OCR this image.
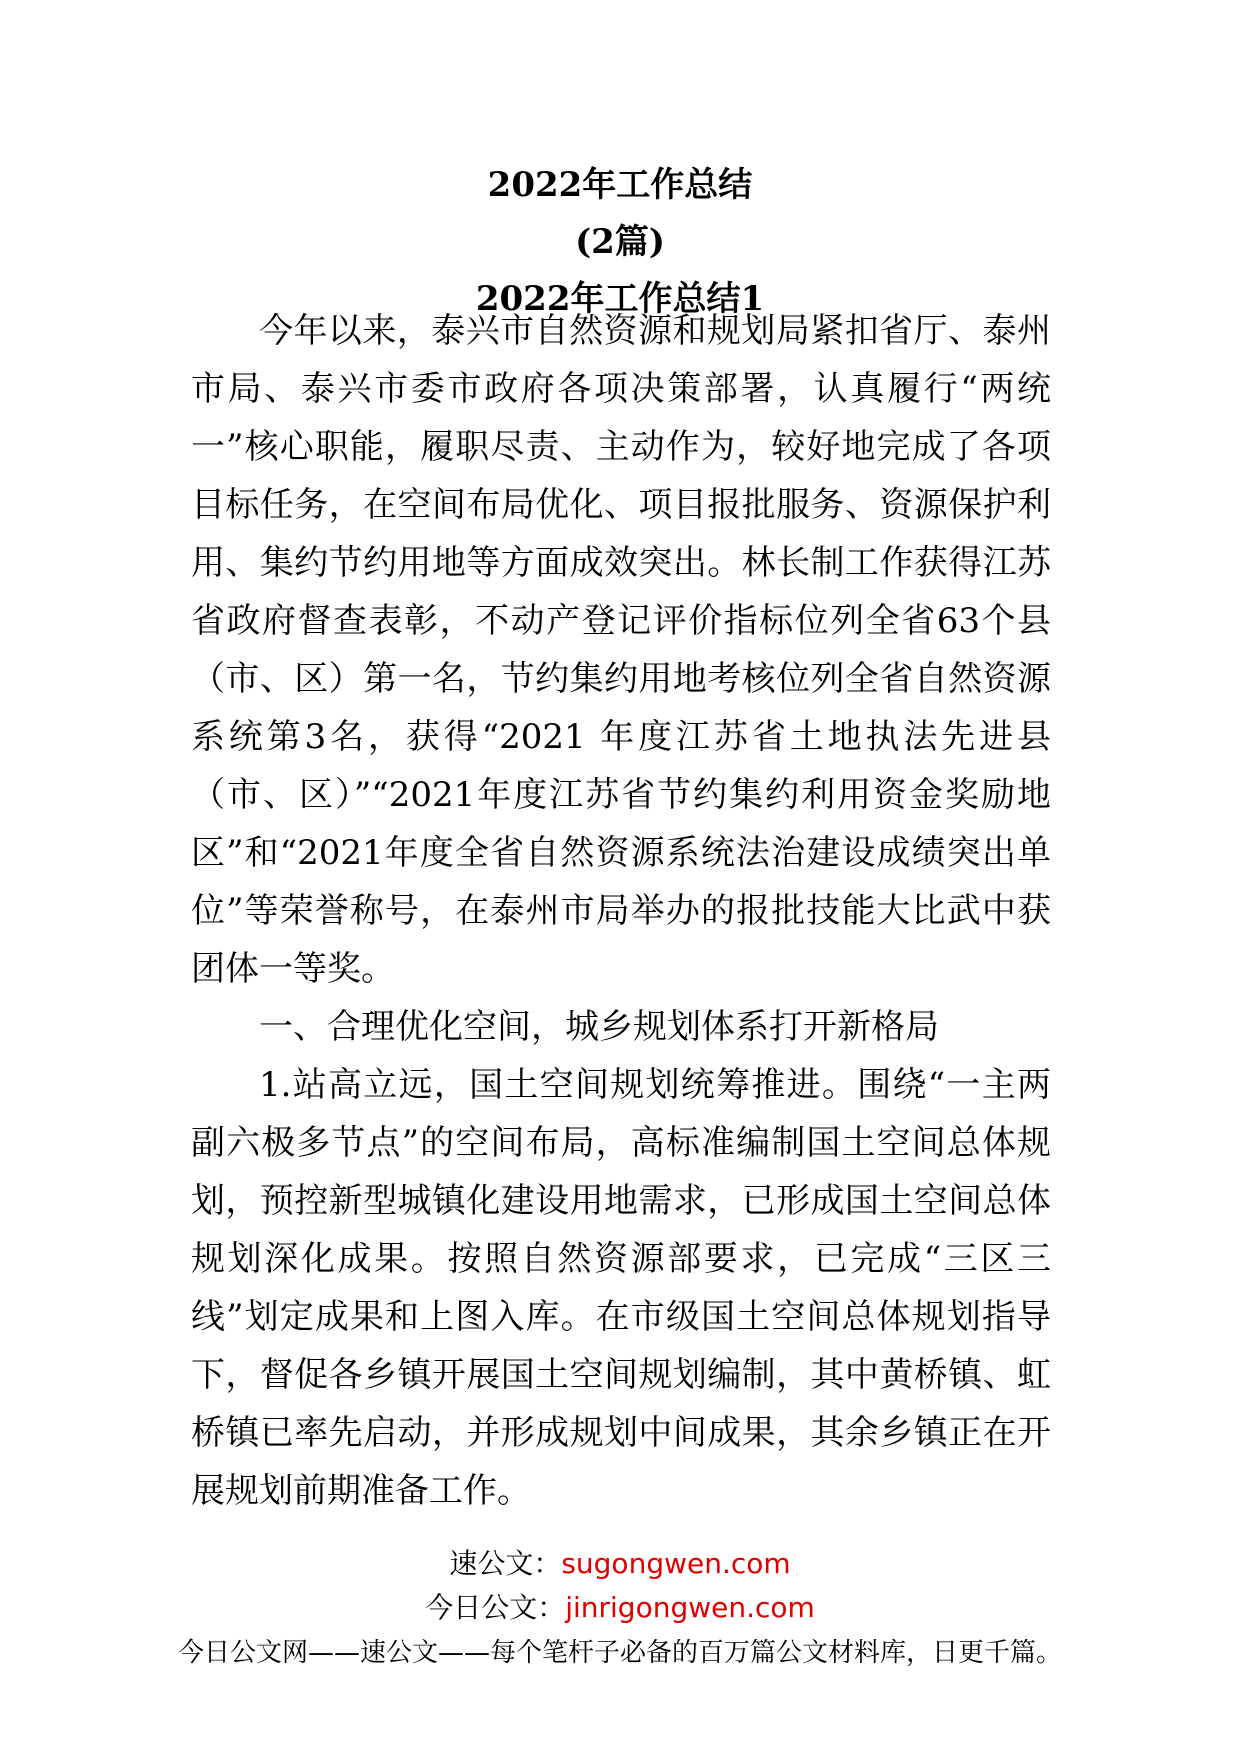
2022年工作总结
(2篇)
2022年工作总结1

今年以来，泰兴市自然资源和规划局紧扣省厅、泰州市局、泰兴市委市政府各项决策部署，认真履行“两统一”核心职能，履职尽责、主动作为，较好地完成了各项目标任务，在空间布局优化、项目报批服务、资源保护利用、集约节约用地等方面成效突出。林长制工作获得江苏省政府督查表彰，不动产登记评价指标位列全省63个县（市、区）第一名，节约集约用地考核位列全省自然资源系统第3名，获得“2021 年度江苏省土地执法先进县（市、区）”“2021年度江苏省节约集约利用资金奖励地区”和“2021年度全省自然资源系统法治建设成绩突出单位”等荣誉称号，在泰州市局举办的报批技能大比武中获团体一等奖。

一、合理优化空间，城乡规划体系打开新格局

1.站高立远，国土空间规划统筹推进。围绕“一主两副六极多节点”的空间布局，高标准编制国土空间总体规划，预控新型城镇化建设用地需求，已形成国土空间总体规划深化成果。按照自然资源部要求，已完成“三区三线”划定成果和上图入库。在市级国土空间总体规划指导下，督促各乡镇开展国土空间规划编制，其中黄桥镇、虹桥镇已率先启动，并形成规划中间成果，其余乡镇正在开展规划前期准备工作。

速公文：sugongwen.com
今日公文：jinrigongwen.com
今日公文网——速公文——每个笔杆子必备的百万篇公文材料库，日更千篇。
